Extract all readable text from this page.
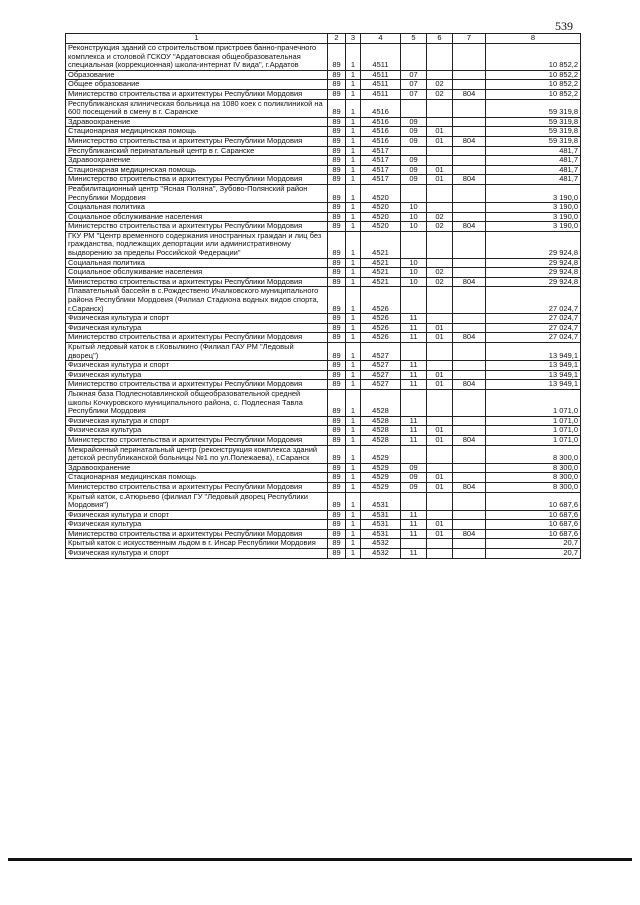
539
1	2	3	4	5	6	7	8
Реконструкция зданий со строительством пристроев банно-прачечного комплекса и столовой ГСКОУ "Ардатовская общеобразовательная специальная (коррекционная) школа-интернат IV вида", г.Ардатов	89	1	4511				10 852,2
Образование	89	1	4511	07			10 852,2
Общее образование	89	1	4511	07	02		10 852,2
Министерство строительства и архитектуры Республики Мордовия	89	1	4511	07	02	804	10 852,2
Республиканская клиническая больница на 1080 коек с поликлиникой на 600 посещений в смену в г. Саранске	89	1	4516				59 319,8
Здравоохранение	89	1	4516	09			59 319,8
Стационарная медицинская помощь	89	1	4516	09	01		59 319,8
Министерство строительства и архитектуры Республики Мордовия	89	1	4516	09	01	804	59 319,8
Республиканский перинатальный центр в г. Саранске	89	1	4517				481,7
Здравоохранение	89	1	4517	09			481,7
Стационарная медицинская помощь	89	1	4517	09	01		481,7
Министерство строительства и архитектуры Республики Мордовия	89	1	4517	09	01	804	481,7
Реабилитационный центр "Ясная Поляна", Зубово-Полянский район Республики Мордовия	89	1	4520				3 190,0
Социальная политика	89	1	4520	10			3 190,0
Социальное обслуживание населения	89	1	4520	10	02		3 190,0
Министерство строительства и архитектуры Республики Мордовия	89	1	4520	10	02	804	3 190,0
ГКУ РМ "Центр временного содержания иностранных граждан и лиц без гражданства, подлежащих депортации или административному выдворению за пределы Российской Федерации"	89	1	4521				29 924,8
Социальная политика	89	1	4521	10			29 924,8
Социальное обслуживание населения	89	1	4521	10	02		29 924,8
Министерство строительства и архитектуры Республики Мордовия	89	1	4521	10	02	804	29 924,8
Плавательный бассейн в с.Рождествено Ичалковского муниципального района Республики Мордовия (Филиал Стадиона водных видов спорта, г.Саранск)	89	1	4526				27 024,7
Физическая культура и спорт	89	1	4526	11			27 024,7
Физическая культура	89	1	4526	11	01		27 024,7
Министерство строительства и архитектуры Республики Мордовия	89	1	4526	11	01	804	27 024,7
Крытый ледовый каток в г.Ковылкино (Филиал ГАУ РМ "Ледовый дворец")	89	1	4527				13 949,1
Физическая культура и спорт	89	1	4527	11			13 949,1
Физическая культура	89	1	4527	11	01		13 949,1
Министерство строительства и архитектуры Республики Мордовия	89	1	4527	11	01	804	13 949,1
Лыжная база Подлесноtавлинской общеобразовательной средней школы Кочкуровского муниципального района, с. Подлесная Тавла Республики Мордовия	89	1	4528				1 071,0
Физическая культура и спорт	89	1	4528	11			1 071,0
Физическая культура	89	1	4528	11	01		1 071,0
Министерство строительства и архитектуры Республики Мордовия	89	1	4528	11	01	804	1 071,0
Межрайонный перинатальный центр (реконструкция комплекса зданий детской республиканской больницы №1 по ул.Полежаева), г.Саранск	89	1	4529				8 300,0
Здравоохранение	89	1	4529	09			8 300,0
Стационарная медицинская помощь	89	1	4529	09	01		8 300,0
Министерство строительства и архитектуры Республики Мордовия	89	1	4529	09	01	804	8 300,0
Крытый каток, с.Атюрьево (филиал ГУ "Ледовый дворец Республики Мордовия")	89	1	4531				10 687,6
Физическая культура и спорт	89	1	4531	11			10 687,6
Физическая культура	89	1	4531	11	01		10 687,6
Министерство строительства и архитектуры Республики Мордовия	89	1	4531	11	01	804	10 687,6
Крытый каток с искусственным льдом в г. Инсар Республики Мордовия	89	1	4532				20,7
Физическая культура и спорт	89	1	4532	11			20,7
